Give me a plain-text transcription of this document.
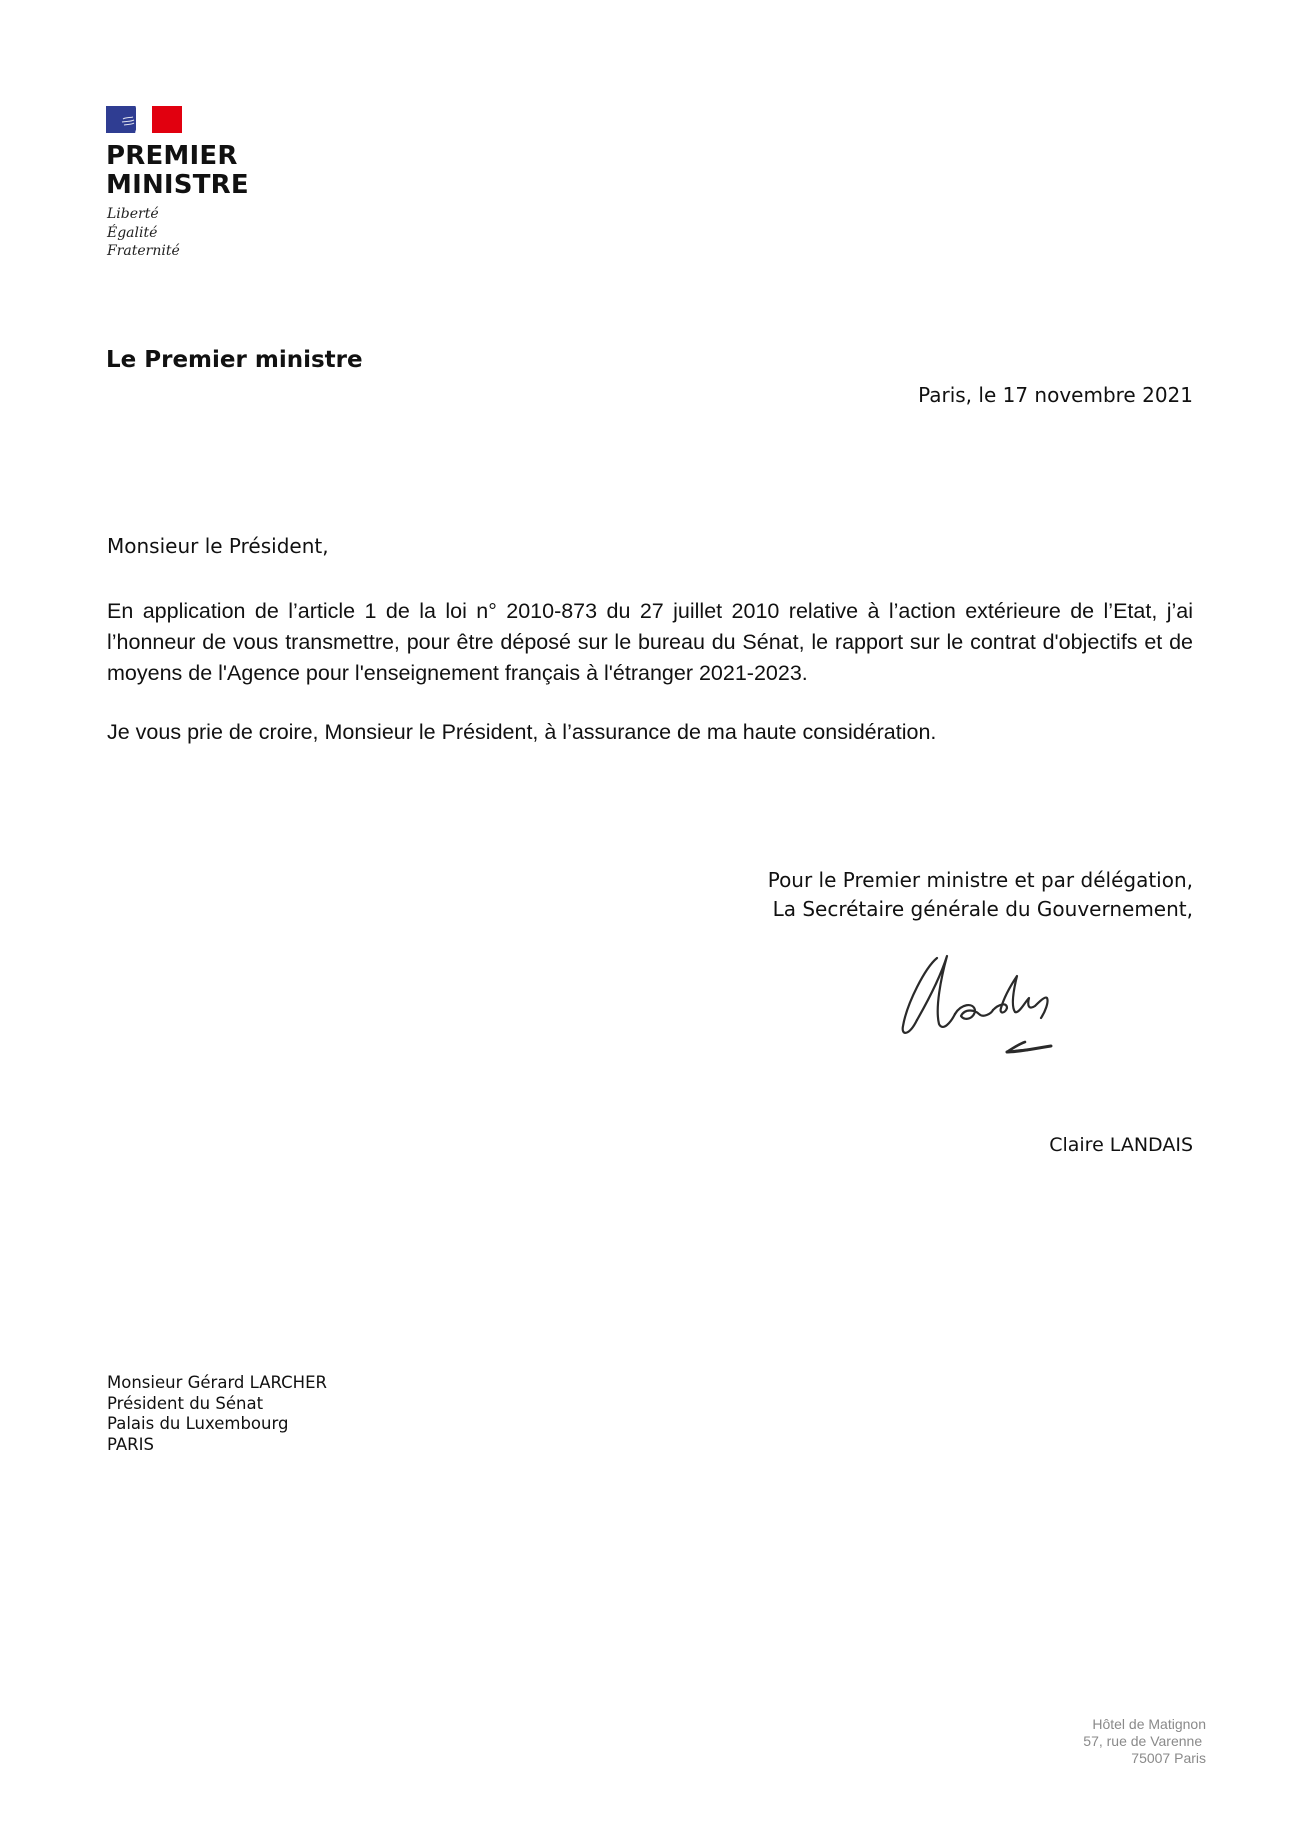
PREMIER
MINISTRE
Liberté
Égalité
Fraternité
Le Premier ministre
Paris, le 17 novembre 2021
Monsieur le Président,
En application de l’article 1 de la loi n° 2010-873 du 27 juillet 2010 relative à l’action extérieure de l’Etat, j’ai l’honneur de vous transmettre, pour être déposé sur le bureau du Sénat, le rapport sur le contrat d'objectifs et de moyens de l'Agence pour l'enseignement français à l'étranger 2021-2023.
Je vous prie de croire, Monsieur le Président, à l’assurance de ma haute considération.
Pour le Premier ministre et par délégation,
La Secrétaire générale du Gouvernement,
Claire LANDAIS
Monsieur Gérard LARCHER
Président du Sénat
Palais du Luxembourg
PARIS
Hôtel de Matignon
57, rue de Varenne
75007 Paris
